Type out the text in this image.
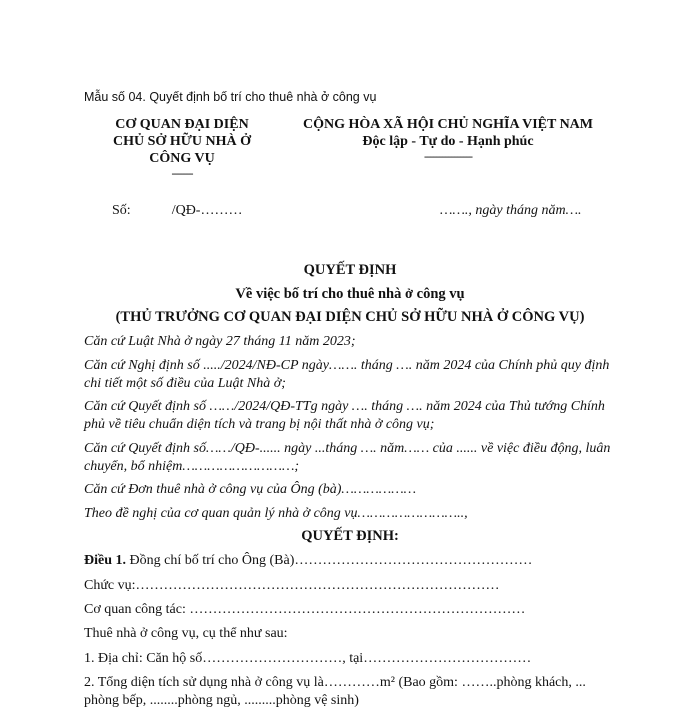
Mẫu số 04. Quyết định bố trí cho thuê nhà ở công vụ
CƠ QUAN ĐẠI DIỆN
CHỦ SỞ HỮU NHÀ Ở
CÔNG VỤ
-------
CỘNG HÒA XÃ HỘI CHỦ NGHĨA VIỆT NAM
Độc lập - Tự do - Hạnh phúc
----------------
Số:	/QĐ-………	……., ngày tháng năm….
QUYẾT ĐỊNH
Về việc bố trí cho thuê nhà ở công vụ
(THỦ TRƯỞNG CƠ QUAN ĐẠI DIỆN CHỦ SỞ HỮU NHÀ Ở CÔNG VỤ)
Căn cứ Luật Nhà ở ngày 27 tháng 11 năm 2023;
Căn cứ Nghị định số ...../2024/NĐ-CP ngày……. tháng …. năm 2024 của Chính phủ quy định chi tiết một số điều của Luật Nhà ở;
Căn cứ Quyết định số ……/2024/QĐ-TTg ngày …. tháng …. năm 2024 của Thủ tướng Chính phủ về tiêu chuẩn diện tích và trang bị nội thất nhà ở công vụ;
Căn cứ Quyết định số……/QĐ-...... ngày ...tháng …. năm…… của ...... về việc điều động, luân chuyển, bổ nhiệm………………………;
Căn cứ Đơn thuê nhà ở công vụ của Ông (bà)………………
Theo đề nghị của cơ quan quản lý nhà ở công vụ……………………..,
QUYẾT ĐỊNH:
Điều 1. Đồng chí bố trí cho Ông (Bà)……………………………………………
Chức vụ:……………………………………………………………………
Cơ quan công tác: ………………………………………………………………
Thuê nhà ở công vụ, cụ thể như sau:
1. Địa chỉ: Căn hộ số…………………………, tại………………………………
2. Tổng diện tích sử dụng nhà ở công vụ là…………m² (Bao gồm: ……..phòng khách, ... phòng bếp, ........phòng ngủ, .........phòng vệ sinh)
